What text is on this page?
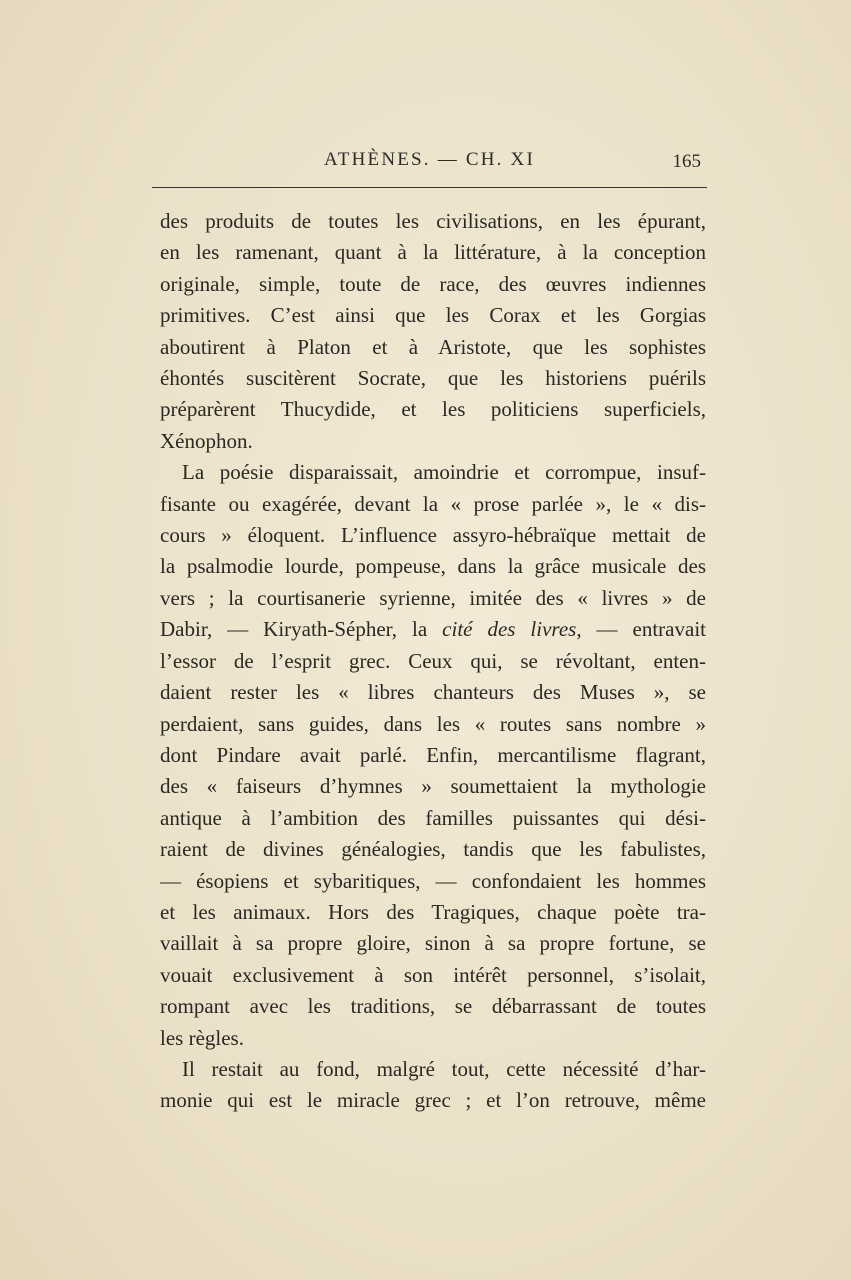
ATHÈNES. — CH. XI	165

des produits de toutes les civilisations, en les épurant,
en les ramenant, quant à la littérature, à la conception
originale, simple, toute de race, des œuvres indiennes
primitives. C’est ainsi que les Corax et les Gorgias
aboutirent à Platon et à Aristote, que les sophistes
éhontés suscitèrent Socrate, que les historiens puérils
préparèrent Thucydide, et les politiciens superficiels,
Xénophon.

La poésie disparaissait, amoindrie et corrompue, insuf-
fisante ou exagérée, devant la « prose parlée », le « dis-
cours » éloquent. L’influence assyro-hébraïque mettait de
la psalmodie lourde, pompeuse, dans la grâce musicale des
vers ; la courtisanerie syrienne, imitée des « livres » de
Dabir, — Kiryath-Sépher, la cité des livres, — entravait
l’essor de l’esprit grec. Ceux qui, se révoltant, enten-
daient rester les « libres chanteurs des Muses », se
perdaient, sans guides, dans les « routes sans nombre »
dont Pindare avait parlé. Enfin, mercantilisme flagrant,
des « faiseurs d’hymnes » soumettaient la mythologie
antique à l’ambition des familles puissantes qui dési-
raient de divines généalogies, tandis que les fabulistes,
— ésopiens et sybaritiques, — confondaient les hommes
et les animaux. Hors des Tragiques, chaque poète tra-
vaillait à sa propre gloire, sinon à sa propre fortune, se
vouait exclusivement à son intérêt personnel, s’isolait,
rompant avec les traditions, se débarrassant de toutes
les règles.

Il restait au fond, malgré tout, cette nécessité d’har-
monie qui est le miracle grec ; et l’on retrouve, même
